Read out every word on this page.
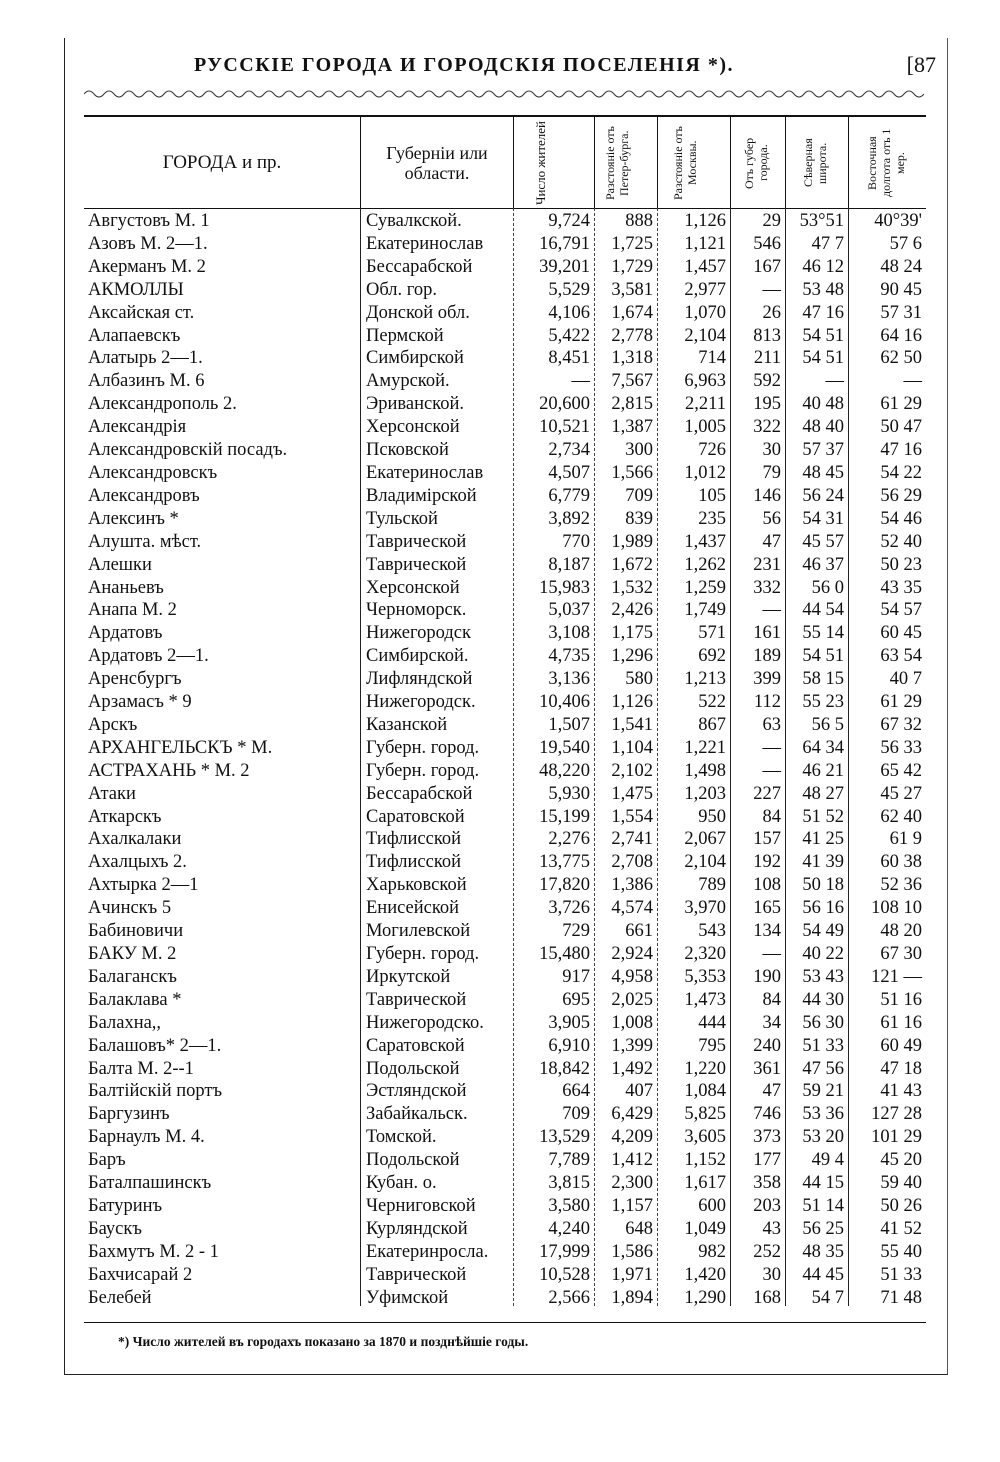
РУССКІЕ ГОРОДА И ГОРОДСКІЯ ПОСЕЛЕНІЯ *).	[87
ГОРОДА и пр.	Губерніи или области.	Число жителей	Разстояніе отъ Петер-бурга.	Разстояніе отъ Москвы.	Отъ губер города.	Сѣверная широта.	Восточная долгота отъ 1 мер.
Августовъ М. 1	Сувалкской.	9,724	888	1,126	29	53°51	40°39'
Азовъ М. 2—1.	Екатеринослав	16,791	1,725	1,121	546	47 7	57 6
Акерманъ М. 2	Бессарабской	39,201	1,729	1,457	167	46 12	48 24
АКМОЛЛЫ	Обл. гор.	5,529	3,581	2,977	—	53 48	90 45
Аксайская ст.	Донской обл.	4,106	1,674	1,070	26	47 16	57 31
Алапаевскъ	Пермской	5,422	2,778	2,104	813	54 51	64 16
Алатырь 2—1.	Симбирской	8,451	1,318	714	211	54 51	62 50
Албазинъ М. 6	Амурской.	—	7,567	6,963	592	—	—
Александрополь 2.	Эриванской.	20,600	2,815	2,211	195	40 48	61 29
Александрія	Херсонской	10,521	1,387	1,005	322	48 40	50 47
Александровскій посадъ.	Псковской	2,734	300	726	30	57 37	47 16
Александровскъ	Екатеринослав	4,507	1,566	1,012	79	48 45	54 22
Александровъ	Владимірской	6,779	709	105	146	56 24	56 29
Алексинъ *	Тульской	3,892	839	235	56	54 31	54 46
Алушта. мѣст.	Таврической	770	1,989	1,437	47	45 57	52 40
Алешки	Таврической	8,187	1,672	1,262	231	46 37	50 23
Ананьевъ	Херсонской	15,983	1,532	1,259	332	56 0	43 35
Анапа М. 2	Черноморск.	5,037	2,426	1,749	—	44 54	54 57
Ардатовъ	Нижегородск	3,108	1,175	571	161	55 14	60 45
Ардатовъ 2—1.	Симбирской.	4,735	1,296	692	189	54 51	63 54
Аренсбургъ	Лифляндской	3,136	580	1,213	399	58 15	40 7
Арзамасъ * 9	Нижегородск.	10,406	1,126	522	112	55 23	61 29
Арскъ	Казанской	1,507	1,541	867	63	56 5	67 32
АРХАНГЕЛЬСКЪ * М.	Губерн. город.	19,540	1,104	1,221	—	64 34	56 33
АСТРАХАНЬ * М. 2	Губерн. город.	48,220	2,102	1,498	—	46 21	65 42
Атаки	Бессарабской	5,930	1,475	1,203	227	48 27	45 27
Аткарскъ	Саратовской	15,199	1,554	950	84	51 52	62 40
Ахалкалаки	Тифлисской	2,276	2,741	2,067	157	41 25	61 9
Ахалцыхъ 2.	Тифлисской	13,775	2,708	2,104	192	41 39	60 38
Ахтырка 2—1	Харьковской	17,820	1,386	789	108	50 18	52 36
Ачинскъ 5	Енисейской	3,726	4,574	3,970	165	56 16	108 10
Бабиновичи	Могилевской	729	661	543	134	54 49	48 20
БАКУ М. 2	Губерн. город.	15,480	2,924	2,320	—	40 22	67 30
Балаганскъ	Иркутской	917	4,958	5,353	190	53 43	121 —
Балаклава *	Таврической	695	2,025	1,473	84	44 30	51 16
Балахна,,	Нижегородско.	3,905	1,008	444	34	56 30	61 16
Балашовъ* 2—1.	Саратовской	6,910	1,399	795	240	51 33	60 49
Балта М. 2--1	Подольской	18,842	1,492	1,220	361	47 56	47 18
Балтійскій портъ	Эстляндской	664	407	1,084	47	59 21	41 43
Баргузинъ	Забайкальск.	709	6,429	5,825	746	53 36	127 28
Барнаулъ М. 4.	Томской.	13,529	4,209	3,605	373	53 20	101 29
Баръ	Подольской	7,789	1,412	1,152	177	49 4	45 20
Баталпашинскъ	Кубан. о.	3,815	2,300	1,617	358	44 15	59 40
Батуринъ	Черниговской	3,580	1,157	600	203	51 14	50 26
Баускъ	Курляндской	4,240	648	1,049	43	56 25	41 52
Бахмутъ М. 2 - 1	Екатеринросла.	17,999	1,586	982	252	48 35	55 40
Бахчисарай 2	Таврической	10,528	1,971	1,420	30	44 45	51 33
Белебей	Уфимской	2,566	1,894	1,290	168	54 7	71 48
*) Число жителей въ городахъ показано за 1870 и позднѣйшіе годы.
